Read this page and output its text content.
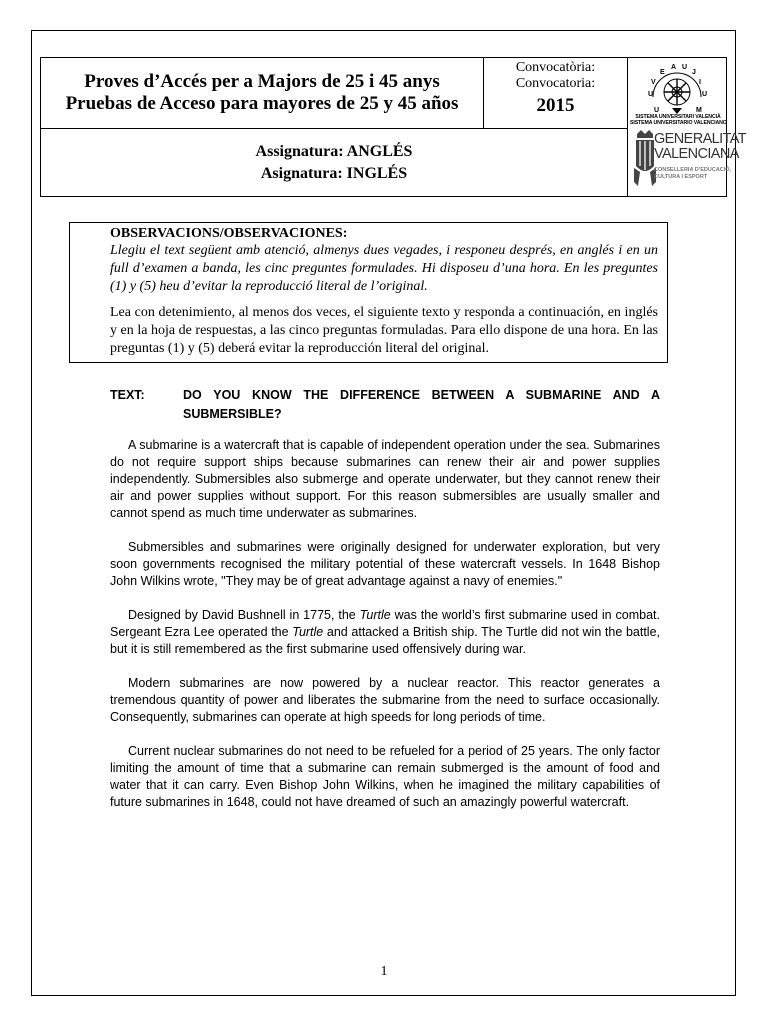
Proves d’Accés per a Majors de 25 i 45 anys
Pruebas de Acceso para mayores de 25 y 45 años
Convocatòria:
Convocatoria:
2015
Assignatura: ANGLÉS
Asignatura: INGLÉS
U
V
E
A U
J
I
U
U	M
SISTEMA UNIVERSITARI VALENCIÀ
SISTEMA UNIVERSITARIO VALENCIANO
GENERALITAT
VALENCIANA
CONSELLERIA D’EDUCACIÓ,
CULTURA I ESPORT
OBSERVACIONS/OBSERVACIONES:
Llegiu el text següent amb atenció, almenys dues vegades, i responeu després, en anglés i en un full d’examen a banda, les cinc preguntes formulades. Hi disposeu d’una hora. En les preguntes (1) y (5) heu d’evitar la reproducció literal de l’original.
Lea con detenimiento, al menos dos veces, el siguiente texto y responda a continuación, en inglés y en la hoja de respuestas, a las cinco preguntas formuladas. Para ello dispone de una hora. En las preguntas (1) y (5) deberá evitar la reproducción literal del original.
TEXT:	DO YOU KNOW THE DIFFERENCE BETWEEN A SUBMARINE AND A SUBMERSIBLE?

A submarine is a watercraft that is capable of independent operation under the sea. Submarines do not require support ships because submarines can renew their air and power supplies independently. Submersibles also submerge and operate underwater, but they cannot renew their air and power supplies without support. For this reason submersibles are usually smaller and cannot spend as much time underwater as submarines.

Submersibles and submarines were originally designed for underwater exploration, but very soon governments recognised the military potential of these watercraft vessels. In 1648 Bishop John Wilkins wrote, "They may be of great advantage against a navy of enemies."

Designed by David Bushnell in 1775, the Turtle was the world’s first submarine used in combat. Sergeant Ezra Lee operated the Turtle and attacked a British ship. The Turtle did not win the battle, but it is still remembered as the first submarine used offensively during war.

Modern submarines are now powered by a nuclear reactor. This reactor generates a tremendous quantity of power and liberates the submarine from the need to surface occasionally. Consequently, submarines can operate at high speeds for long periods of time.

Current nuclear submarines do not need to be refueled for a period of 25 years. The only factor limiting the amount of time that a submarine can remain submerged is the amount of food and water that it can carry. Even Bishop John Wilkins, when he imagined the military capabilities of future submarines in 1648, could not have dreamed of such an amazingly powerful watercraft.

1
